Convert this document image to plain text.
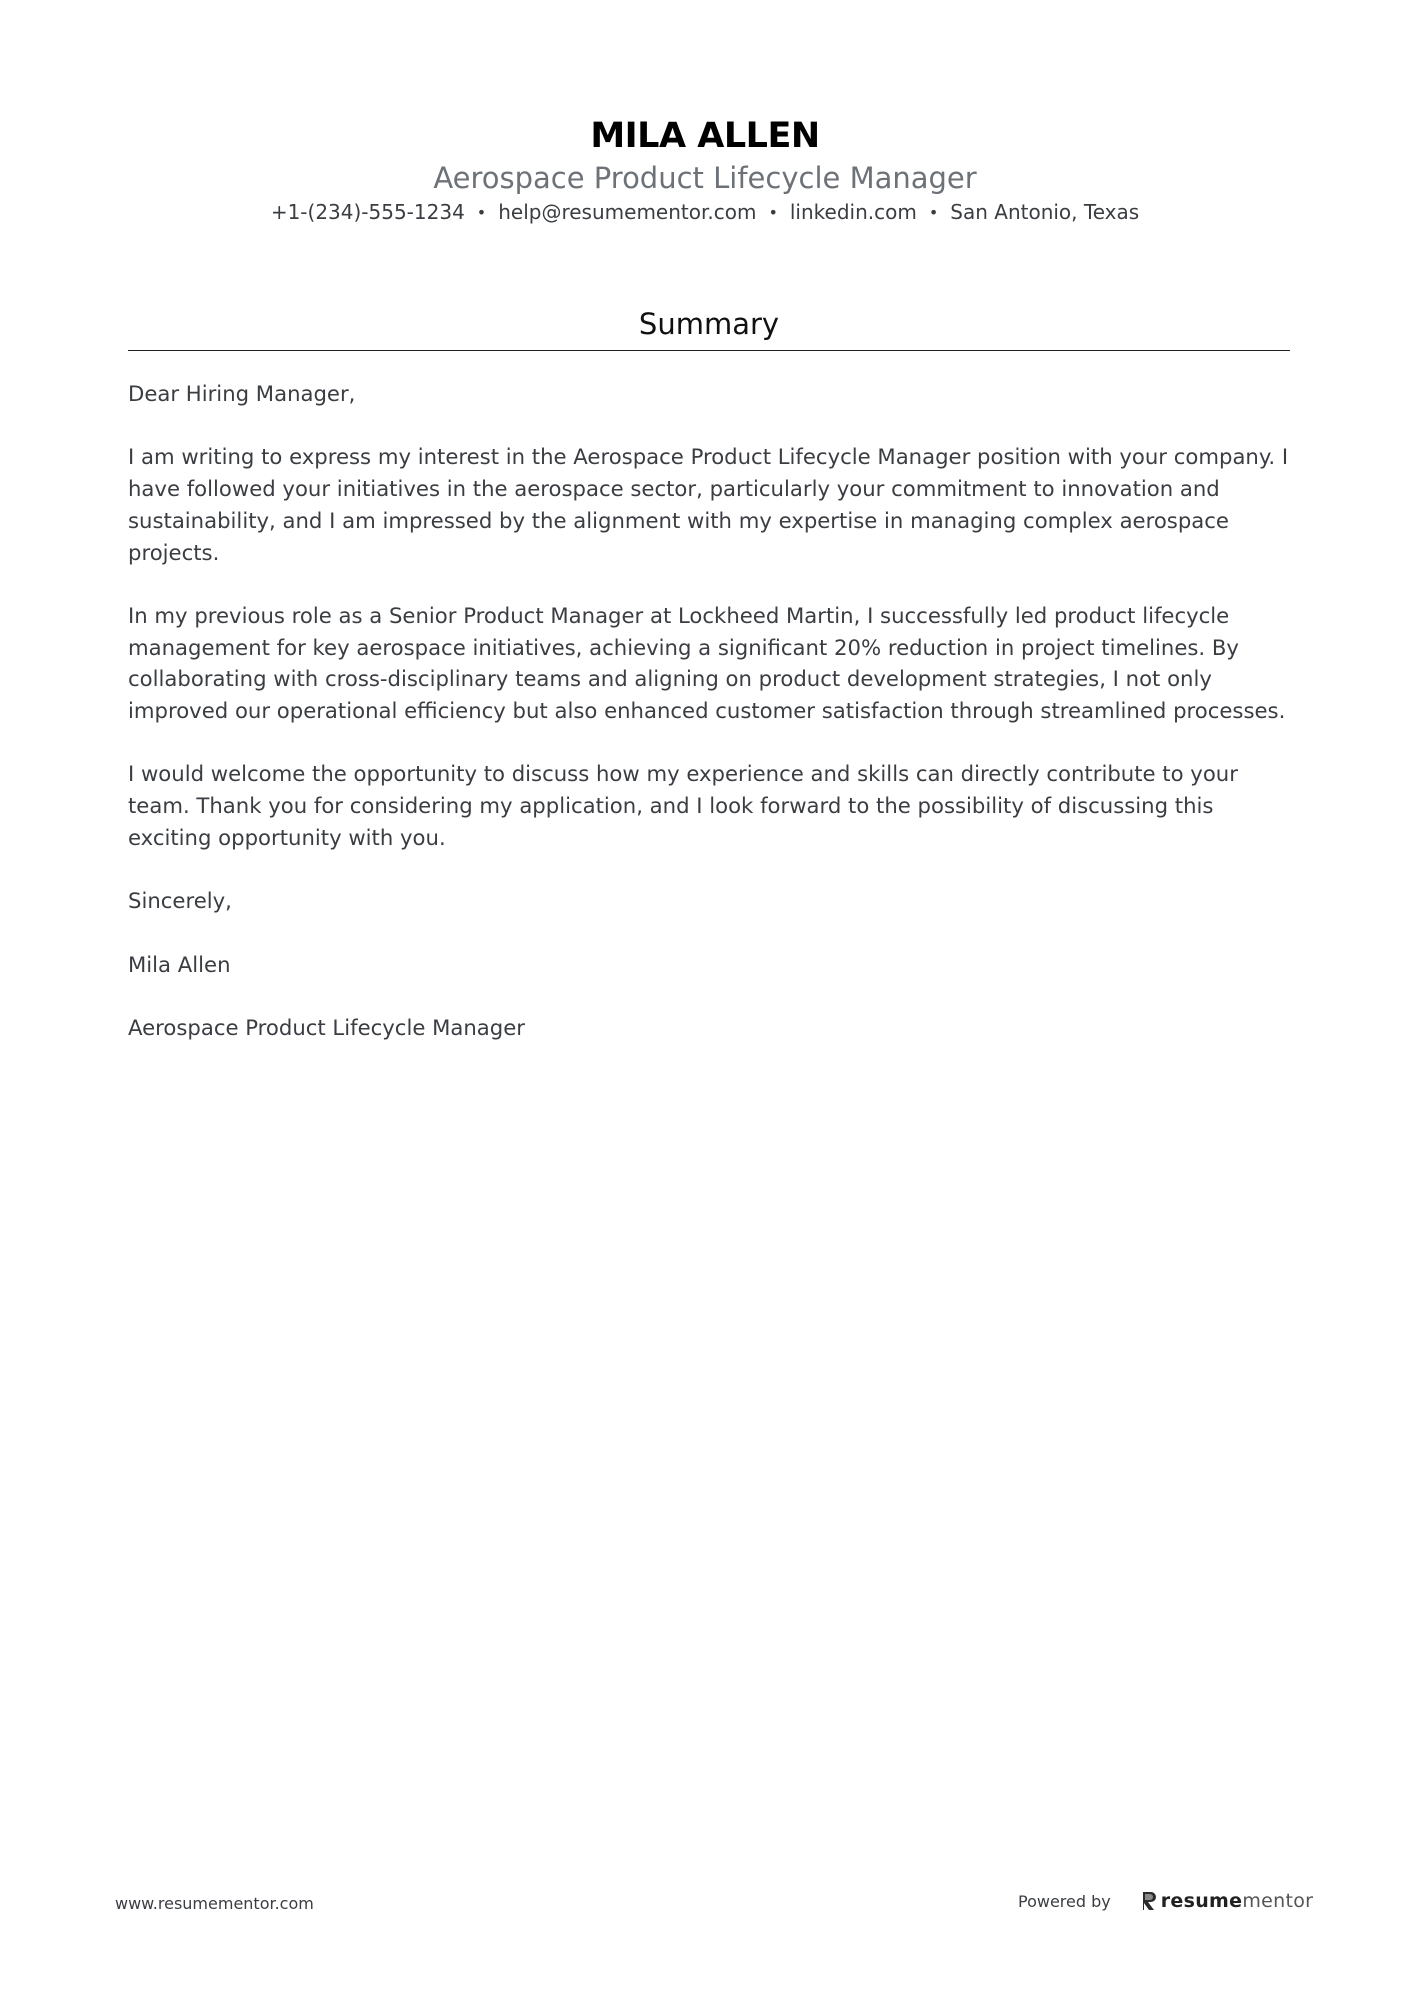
MILA ALLEN
Aerospace Product Lifecycle Manager
+1-(234)-555-1234 • help@resumementor.com • linkedin.com • San Antonio, Texas
Summary

Dear Hiring Manager,

I am writing to express my interest in the Aerospace Product Lifecycle Manager position with your company. I have followed your initiatives in the aerospace sector, particularly your commitment to innovation and sustainability, and I am impressed by the alignment with my expertise in managing complex aerospace projects.

In my previous role as a Senior Product Manager at Lockheed Martin, I successfully led product lifecycle management for key aerospace initiatives, achieving a significant 20% reduction in project timelines. By collaborating with cross-disciplinary teams and aligning on product development strategies, I not only improved our operational efficiency but also enhanced customer satisfaction through streamlined processes.

I would welcome the opportunity to discuss how my experience and skills can directly contribute to your team. Thank you for considering my application, and I look forward to the possibility of discussing this exciting opportunity with you.

Sincerely,

Mila Allen

Aerospace Product Lifecycle Manager

www.resumementor.com	Powered by	resumementor
